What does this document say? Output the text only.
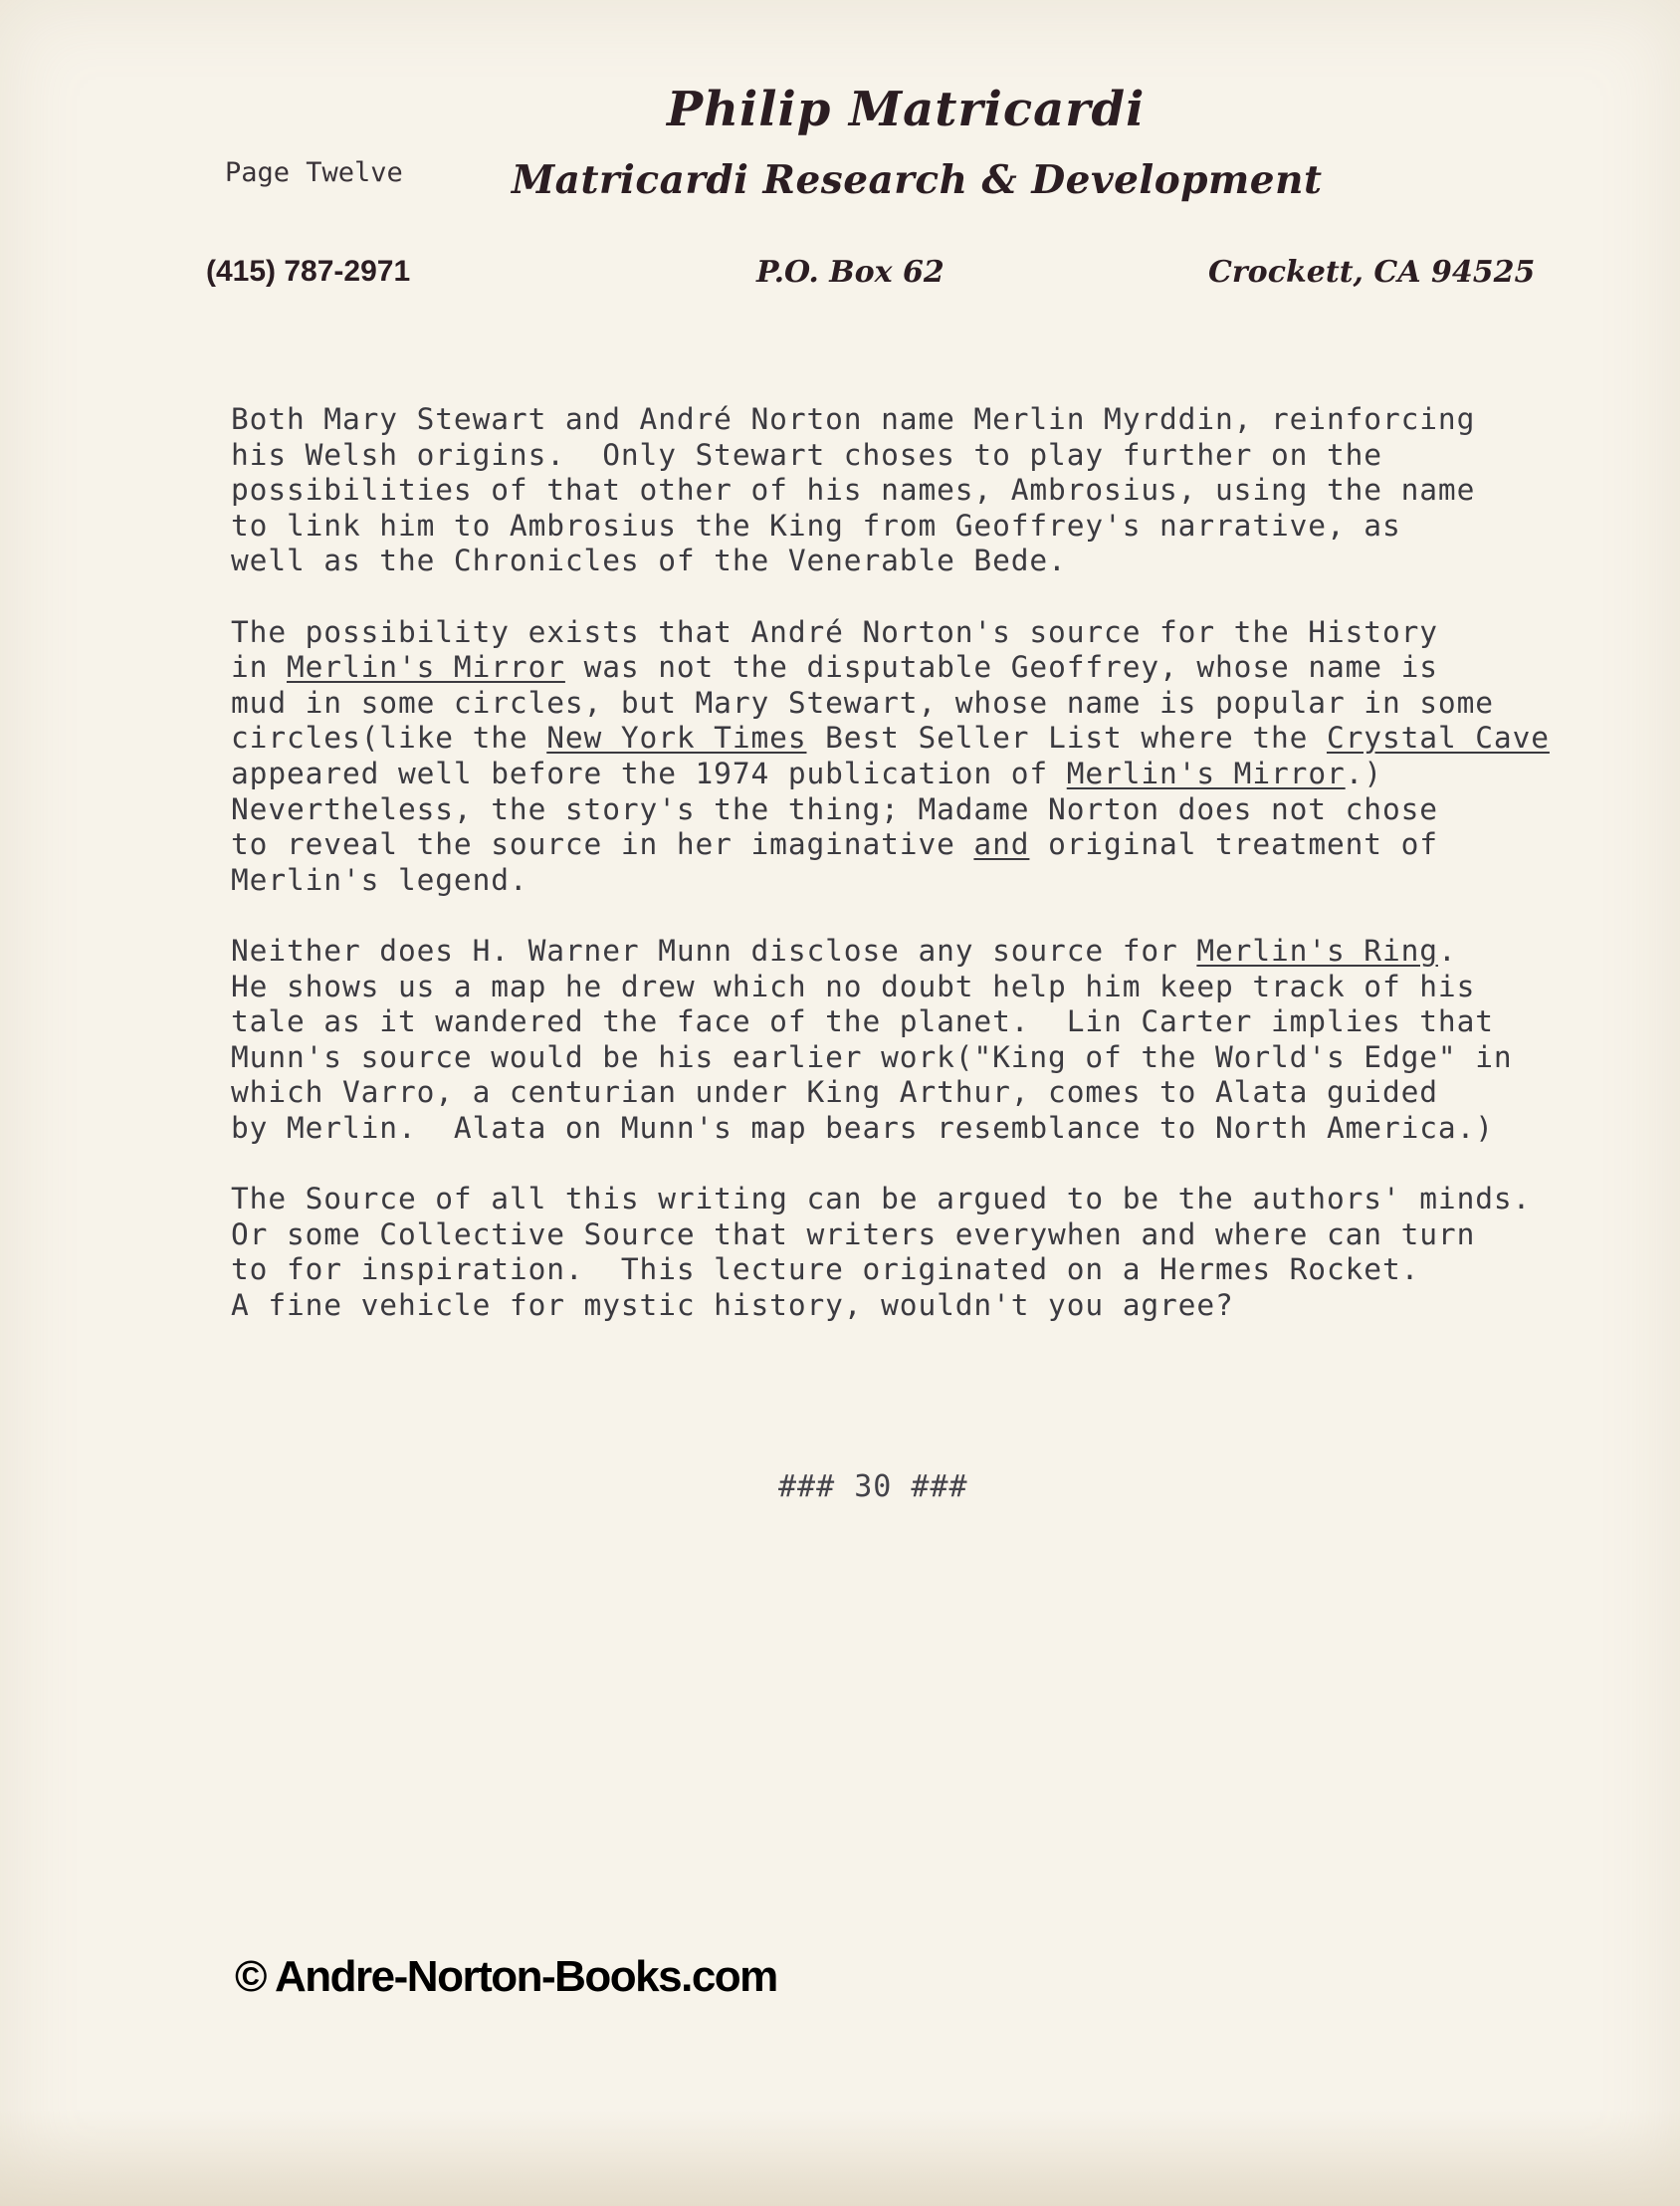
Philip Matricardi
Page Twelve	Matricardi Research & Development
(415) 787-2971	P.O. Box 62	Crockett, CA 94525
Both Mary Stewart and André Norton name Merlin Myrddin, reinforcing
his Welsh origins.  Only Stewart choses to play further on the
possibilities of that other of his names, Ambrosius, using the name
to link him to Ambrosius the King from Geoffrey's narrative, as
well as the Chronicles of the Venerable Bede.
The possibility exists that André Norton's source for the History
in Merlin's Mirror was not the disputable Geoffrey, whose name is
mud in some circles, but Mary Stewart, whose name is popular in some
circles(like the New York Times Best Seller List where the Crystal Cave
appeared well before the 1974 publication of Merlin's Mirror.)
Nevertheless, the story's the thing; Madame Norton does not chose
to reveal the source in her imaginative and original treatment of
Merlin's legend.
Neither does H. Warner Munn disclose any source for Merlin's Ring.
He shows us a map he drew which no doubt help him keep track of his
tale as it wandered the face of the planet.  Lin Carter implies that
Munn's source would be his earlier work("King of the World's Edge" in
which Varro, a centurian under King Arthur, comes to Alata guided
by Merlin.  Alata on Munn's map bears resemblance to North America.)
The Source of all this writing can be argued to be the authors' minds.
Or some Collective Source that writers everywhen and where can turn
to for inspiration.  This lecture originated on a Hermes Rocket.
A fine vehicle for mystic history, wouldn't you agree?
### 30 ###
© Andre-Norton-Books.com
